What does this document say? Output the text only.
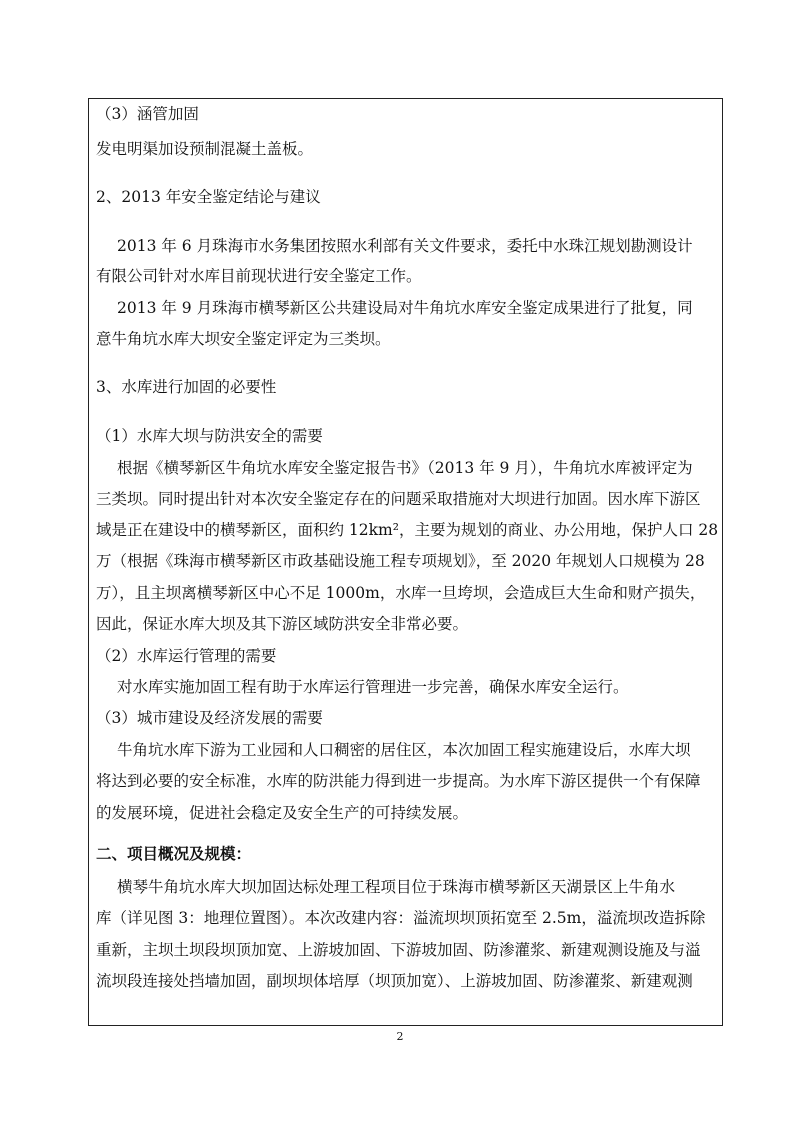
（3）涵管加固
发电明渠加设预制混凝土盖板。
2、2013 年安全鉴定结论与建议
2013 年 6 月珠海市水务集团按照水利部有关文件要求，委托中水珠江规划勘测设计
有限公司针对水库目前现状进行安全鉴定工作。
2013 年 9 月珠海市横琴新区公共建设局对牛角坑水库安全鉴定成果进行了批复，同
意牛角坑水库大坝安全鉴定评定为三类坝。
3、水库进行加固的必要性
（1）水库大坝与防洪安全的需要
根据《横琴新区牛角坑水库安全鉴定报告书》（2013 年 9 月），牛角坑水库被评定为
三类坝。同时提出针对本次安全鉴定存在的问题采取措施对大坝进行加固。因水库下游区
域是正在建设中的横琴新区，面积约 12km²，主要为规划的商业、办公用地，保护人口 28
万（根据《珠海市横琴新区市政基础设施工程专项规划》，至 2020 年规划人口规模为 28
万），且主坝离横琴新区中心不足 1000m，水库一旦垮坝，会造成巨大生命和财产损失，
因此，保证水库大坝及其下游区域防洪安全非常必要。
（2）水库运行管理的需要
对水库实施加固工程有助于水库运行管理进一步完善，确保水库安全运行。
（3）城市建设及经济发展的需要
牛角坑水库下游为工业园和人口稠密的居住区，本次加固工程实施建设后，水库大坝
将达到必要的安全标准，水库的防洪能力得到进一步提高。为水库下游区提供一个有保障
的发展环境，促进社会稳定及安全生产的可持续发展。
二、项目概况及规模：
横琴牛角坑水库大坝加固达标处理工程项目位于珠海市横琴新区天湖景区上牛角水
库（详见图 3：地理位置图）。本次改建内容：溢流坝坝顶拓宽至 2.5m，溢流坝改造拆除
重新，主坝土坝段坝顶加宽、上游坡加固、下游坡加固、防渗灌浆、新建观测设施及与溢
流坝段连接处挡墙加固，副坝坝体培厚（坝顶加宽）、上游坡加固、防渗灌浆、新建观测
2
